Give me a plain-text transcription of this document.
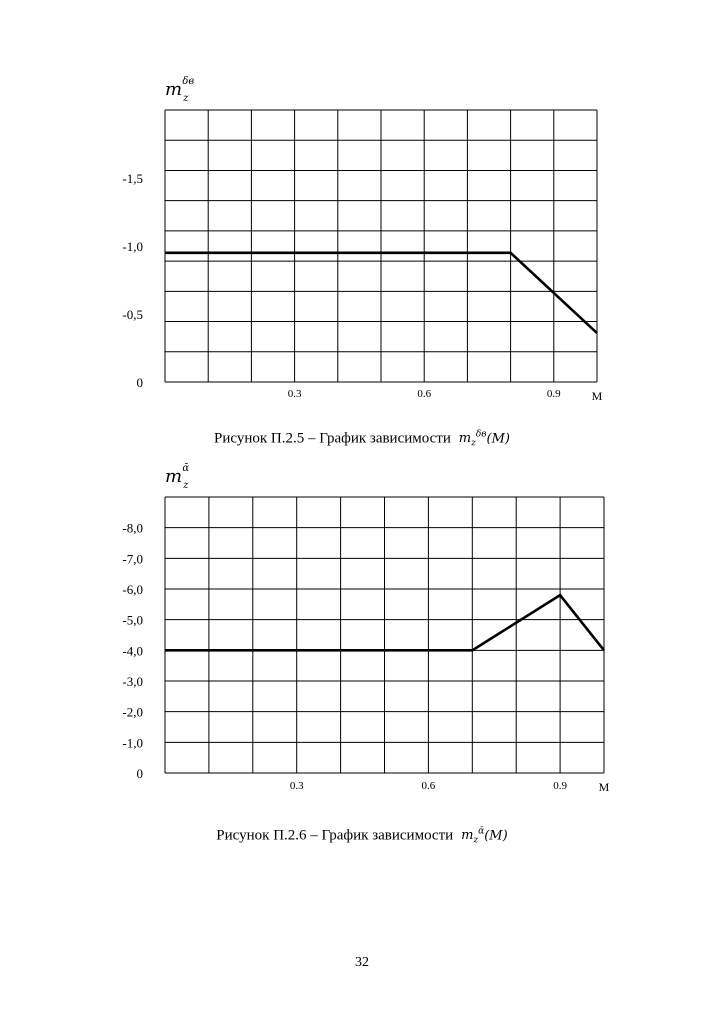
0
-0,5
-1,0
-1,5
0.3	0.6	0.9	M
$m_z\delta в$
0
-1,0
-2,0
-3,0
-4,0
-5,0
-6,0
-7,0
-8,0
0.3	0.6	0.9	M
$m_zᾱ$
Рисунок П.2.5 – График зависимости $m_z^{\delta в}(M)$
Рисунок П.2.6 – График зависимости $m_z^ᾱ(M)$
32
